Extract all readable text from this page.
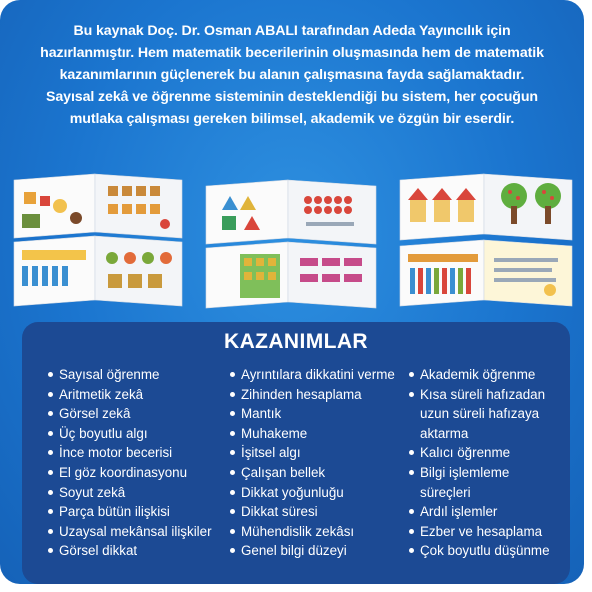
Bu kaynak Doç. Dr. Osman ABALI tarafından Adeda Yayıncılık için

hazırlanmıştır. Hem matematik becerilerinin oluşmasında hem de matematik

kazanımlarının güçlenerek bu alanın çalışmasına fayda sağlamaktadır.

Sayısal zekâ ve öğrenme sisteminin desteklendiği bu sistem, her çocuğun

mutlaka çalışması gereken bilimsel, akademik ve özgün bir eserdir.

KAZANIMLAR
Sayısal öğrenme
Aritmetik zekâ
Görsel zekâ
Üç boyutlu algı
İnce motor becerisi
El göz koordinasyonu
Soyut zekâ
Parça bütün ilişkisi
Uzaysal mekânsal ilişkiler
Görsel dikkat
Ayrıntılara dikkatini verme
Zihinden hesaplama
Mantık
Muhakeme
İşitsel algı
Çalışan bellek
Dikkat yoğunluğu
Dikkat süresi
Mühendislik zekâsı
Genel bilgi düzeyi
Akademik öğrenme
Kısa süreli hafızadan
uzun süreli hafızaya
aktarma
Kalıcı öğrenme
Bilgi işlemleme
süreçleri
Ardıl işlemler
Ezber ve hesaplama
Çok boyutlu düşünme
